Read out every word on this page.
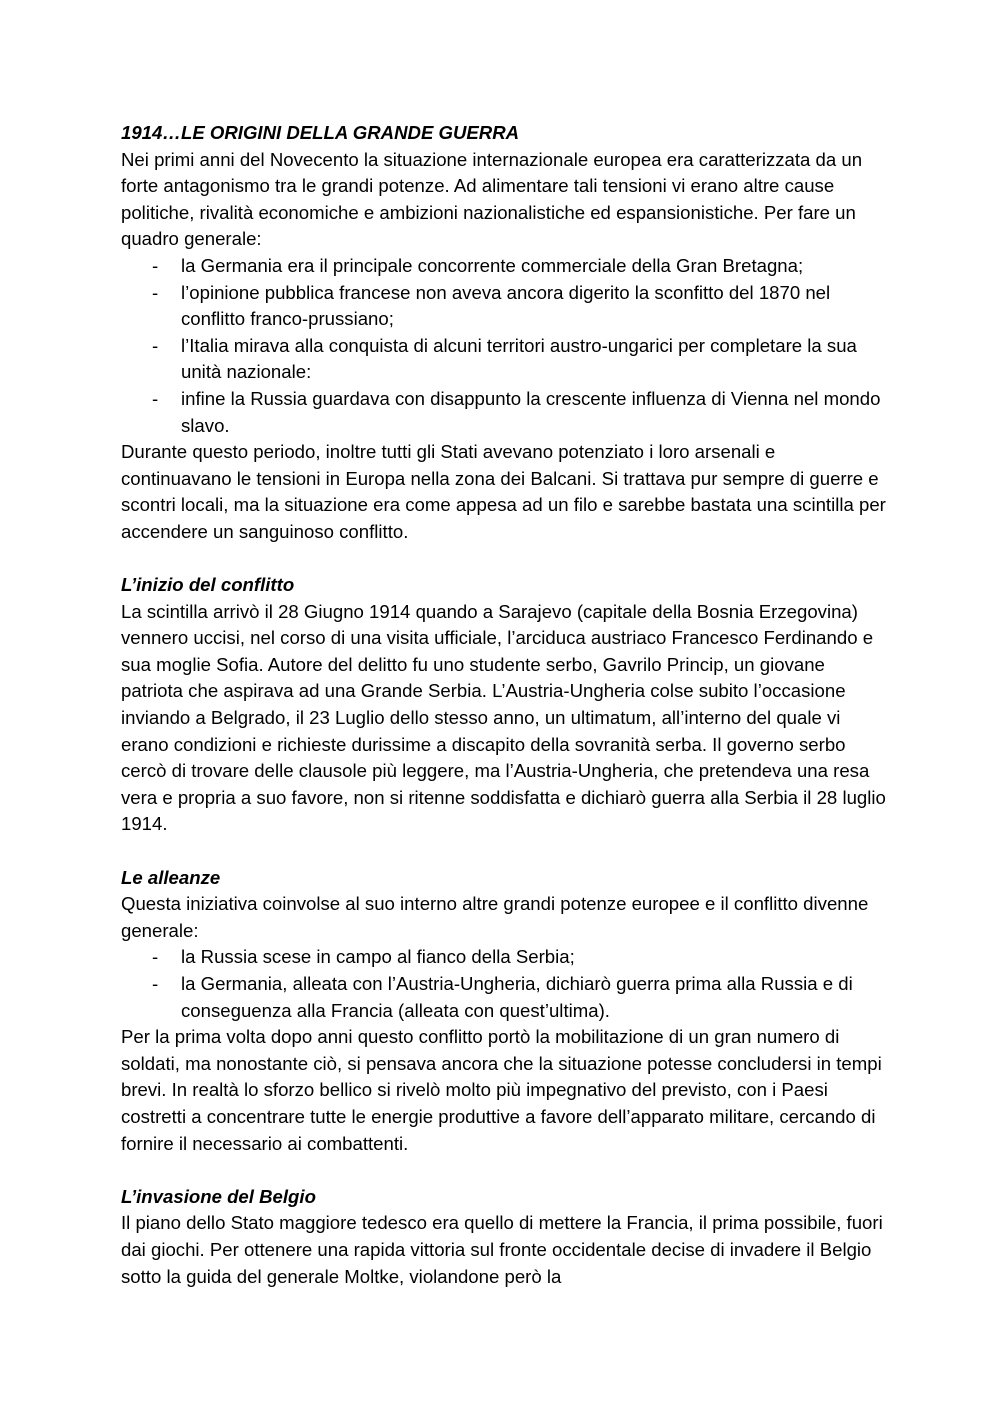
1914…LE ORIGINI DELLA GRANDE GUERRA

Nei primi anni del Novecento la situazione internazionale europea era caratterizzata da un forte antagonismo tra le grandi potenze. Ad alimentare tali tensioni vi erano altre cause politiche, rivalità economiche e ambizioni nazionalistiche ed espansionistiche. Per fare un quadro generale:

- la Germania era il principale concorrente commerciale della Gran Bretagna;
- l’opinione pubblica francese non aveva ancora digerito la sconfitto del 1870 nel conflitto franco-prussiano;
- l’Italia mirava alla conquista di alcuni territori austro-ungarici per completare la sua unità nazionale:
- infine la Russia guardava con disappunto la crescente influenza di Vienna nel mondo slavo.

Durante questo periodo, inoltre tutti gli Stati avevano potenziato i loro arsenali e continuavano le tensioni in Europa nella zona dei Balcani. Si trattava pur sempre di guerre e scontri locali, ma la situazione era come appesa ad un filo e sarebbe bastata una scintilla per accendere un sanguinoso conflitto.

L’inizio del conflitto

La scintilla arrivò il 28 Giugno 1914 quando a Sarajevo (capitale della Bosnia Erzegovina) vennero uccisi, nel corso di una visita ufficiale, l’arciduca austriaco Francesco Ferdinando e sua moglie Sofia. Autore del delitto fu uno studente serbo, Gavrilo Princip, un giovane patriota che aspirava ad una Grande Serbia. L’Austria-Ungheria colse subito l’occasione inviando a Belgrado, il 23 Luglio dello stesso anno, un ultimatum, all’interno del quale vi erano condizioni e richieste durissime a discapito della sovranità serba. Il governo serbo cercò di trovare delle clausole più leggere, ma l’Austria-Ungheria, che pretendeva una resa vera e propria a suo favore, non si ritenne soddisfatta e dichiarò guerra alla Serbia il 28 luglio 1914.

Le alleanze

Questa iniziativa coinvolse al suo interno altre grandi potenze europee e il conflitto divenne generale:

- la Russia scese in campo al fianco della Serbia;
- la Germania, alleata con l’Austria-Ungheria, dichiarò guerra prima alla Russia e di conseguenza alla Francia (alleata con quest’ultima).

Per la prima volta dopo anni questo conflitto portò la mobilitazione di un gran numero di soldati, ma nonostante ciò, si pensava ancora che la situazione potesse concludersi in tempi brevi. In realtà lo sforzo bellico si rivelò molto più impegnativo del previsto, con i Paesi costretti a concentrare tutte le energie produttive a favore dell’apparato militare, cercando di fornire il necessario ai combattenti.

L’invasione del Belgio

Il piano dello Stato maggiore tedesco era quello di mettere la Francia, il prima possibile, fuori dai giochi. Per ottenere una rapida vittoria sul fronte occidentale decise di invadere il Belgio sotto la guida del generale Moltke, violandone però la
